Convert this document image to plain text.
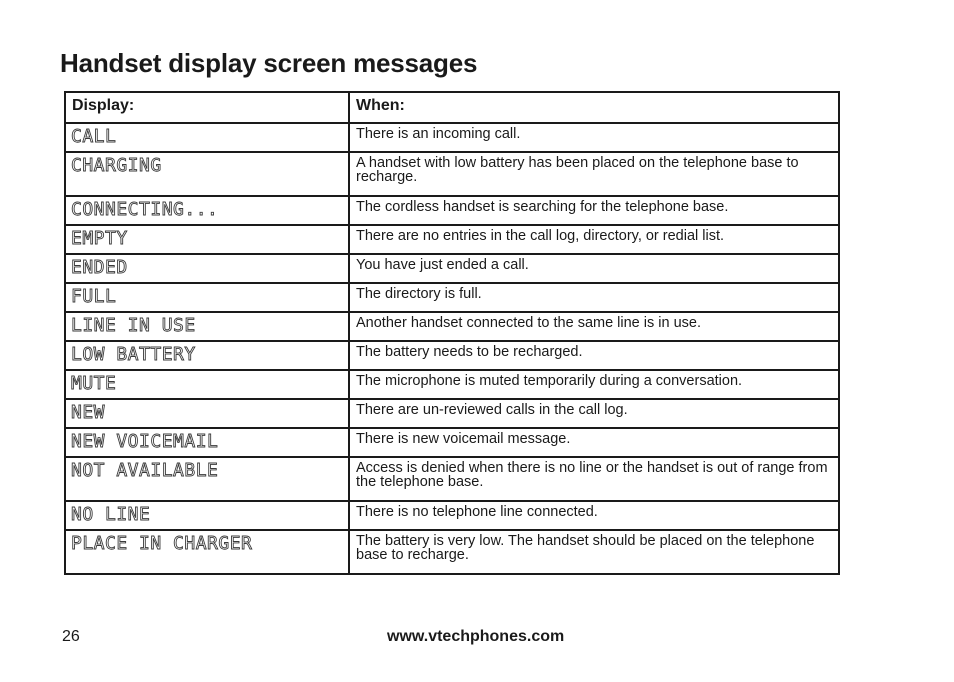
Handset display screen messages
Display:	When:
CALL	There is an incoming call.
CHARGING	A handset with low battery has been placed on the telephone base to recharge.
CONNECTING...	The cordless handset is searching for the telephone base.
EMPTY	There are no entries in the call log, directory, or redial list.
ENDED	You have just ended a call.
FULL	The directory is full.
LINE IN USE	Another handset connected to the same line is in use.
LOW BATTERY	The battery needs to be recharged.
MUTE	The microphone is muted temporarily during a conversation.
NEW	There are un-reviewed calls in the call log.
NEW VOICEMAIL	There is new voicemail message.
NOT AVAILABLE	Access is denied when there is no line or the handset is out of range from the telephone base.
NO LINE	There is no telephone line connected.
PLACE IN CHARGER	The battery is very low. The handset should be placed on the telephone base to recharge.
26	www.vtechphones.com
